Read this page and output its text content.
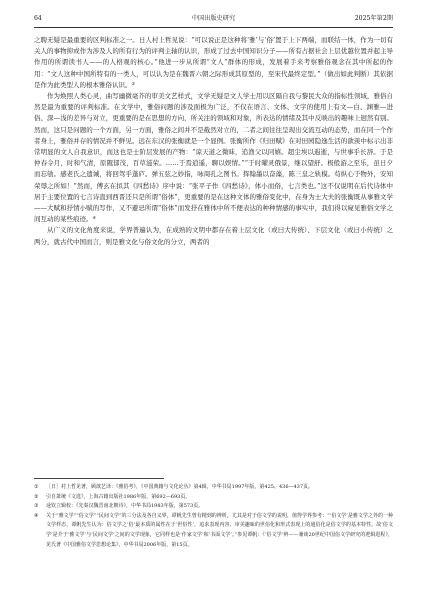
64	中国出版史研究	2025年第2期

之聘无疑是最重要的区判标准之一。日人村上哲见说：“可以说正是这种将‘雅’与‘俗’置于上下两端，而联结一体，作为一切有关人的事物抑或作为涉及人的所有行为的评判主轴的认识，形成了过去中国知识分子——所有占据社会上层优越位置并起主导作用的所谓读书人——的人格观的核心。”他进一步从所谓“文人”群体的形成，发展着手来考察雅俗观念在其中所起的作用：“文人这种中国所特有的一类人，可以认为是在魏晋六朝之际形成其原型的，至宋代最终定型。”（做出如此判断）其依据是作为此类型人的根本雅俗认识。②

作为焕照人类心灵，曲写幽微毫芥的审美文艺样式，文学无疑是文人学士用以区隔自我与黎民大众的指标性领域，雅俗自然是最为重要的评判标准。在文学中，雅俗问题的涉及面极为广泛，不仅在语言、文体、文字的使用上有文—白、渊雅—进俗、深—浅的差异与对立，更重要的是在思想的方向，所关注的领域和对象，所表达的情绪及其中反映出的趣味上迥然有别。然而，这只是问题的一个方面，另一方面，雅俗之间并不是截然对立的，二者之间往往呈现出交流互动的态势，而在同一个作者身上，雅俗并存的情况并不鲜见。远在东汉的张衡就是一个显例。张衡所作《归田赋》在对田园隐逸生活的歆羡中标示出非常明显的文人自我意识，而这也是士阶层发展的产物：“谅天道之微昧，追渔父以同嬉。超尘埃以遐逝，与世事乎长辞。于是仲春令月，时和气清，原隰郁茂，百草滋荣。……于焉逍遥，聊以娱情。”“于时曜灵俄景，继以望舒。极般游之至乐，虽日夕而忘劬。感老氏之遗诫，将回驾乎蓬庐。弹五弦之妙指，咏周孔之图书。挥翰墨以奋藻，陈三皇之轨模。苟纵心于物外，安知荣辱之所如！”然而，傅玄在拟其《四愁诗》序中说：“张平子作《四愁诗》，体小而俗，七言类也。”这不仅说明在后代诗体中居于主要位置的七言诗直到西晋还只是所谓“俗体”，更重要的是在这种文体的雅俗变化中，在身为士大夫的张衡既从事雅文学——大赋和抒情小赋的写作，又不避忌所谓“俗体”而发抒在雅体中所不便表达的种种情感的事实中，我们得以窥见雅俗文学之间互动的某些痕迹。④

从广义的文化角度来说，学界普遍认为，在成熟的文明中都存在着上层文化（或曰大传统）、下层文化（或曰小传统）之两分，就古代中国而言，则是雅文化与俗文化的分立，两者的

① ［日］村上哲见著，顾歆艺译：《雅俗考》，《中国典籍与文化论丛》第4辑，中华书局1997年版，第425、436—437页。
② 引自萧统《文选》，上海古籍出版社1986年版，第692—693页。
③ 逯钦立辑校：《先秦汉魏晋南北朝诗》，中华书局1983年版，第573页。
④ 关于“雅文学”“俗文学”“民间文学”的三分法及各自义界，谭帆先生曾有精到的辨析，尤其是对于俗文学的说明，值得学界参考：“‘俗文学’是雅文学之外的一种文学样态，谭帆先生认为：俗文学之‘俗’最本质的属性在于‘世俗性’，追求表现内容、审美趣味的世俗化和形式表现上的通俗化是俗文学的基本特性。故‘俗文学’是介于‘雅文学’与‘民间文学’之间的文学现象，它同样也是‘作家文学’和‘书面文学’。”参见谭帆：《‘俗文学’辨——兼谈20世纪中国俗文学研究的逻辑进程》，见氏著《中国雅俗文学思想论集》，中华书局2006年版，第15页。
